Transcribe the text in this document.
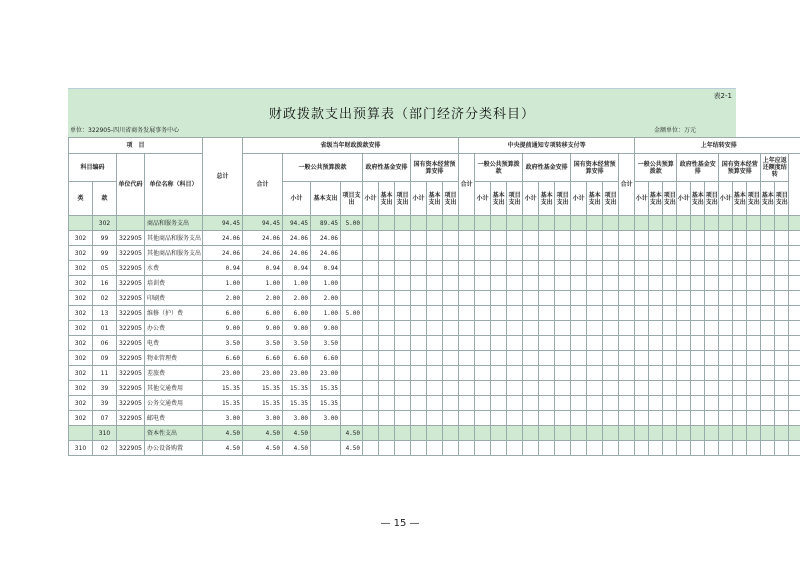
表2-1
财政拨款支出预算表（部门经济分类科目）
单位：322905-四川省商务发展事务中心	金额单位：万元
项　目				总计	省级当年财政拨款安排										中央提前通知专项转移支付等											上年结转安排											
科目编码		单位代码	单位名称（科目）		合计	一般公共预算拨款			政府性基金安排			国有资本经营预算安排			合计	一般公共预算拨款			政府性基金安排			国有资本经营预算安排			合计	一般公共预算拨款			政府性基金安排			国有资本经营预算安排			上年应返还额度结转		

类	款					小计	基本支出	项目支出	小计	基本支出	项目支出	小计	基本支出	项目支出		小计	基本支出	项目支出	小计	基本支出	项目支出	小计	基本支出	项目支出		小计	基本支出	项目支出	小计	基本支出	项目支出	小计	基本支出	项目支出	基本支出	项目支出	
	302		商品和服务支出	94.45	94.45	94.45	89.45	5.00																													
302	99	322905	其他商品和服务支出	24.06	24.06	24.06	24.06																														
302	99	322905	其他商品和服务支出	24.06	24.06	24.06	24.06																														
302	05	322905	水费	0.94	0.94	0.94	0.94																														
302	16	322905	培训费	1.00	1.00	1.00	1.00																														
302	02	322905	印刷费	2.00	2.00	2.00	2.00																														
302	13	322905	维修（护）费	6.00	6.00	6.00	1.00	5.00																													
302	01	322905	办公费	9.00	9.00	9.00	9.00																														
302	06	322905	电费	3.50	3.50	3.50	3.50																														
302	09	322905	物业管理费	6.60	6.60	6.60	6.60																														
302	11	322905	差旅费	23.00	23.00	23.00	23.00																														
302	39	322905	其他交通费用	15.35	15.35	15.35	15.35																														
302	39	322905	公务交通费用	15.35	15.35	15.35	15.35																														
302	07	322905	邮电费	3.00	3.00	3.00	3.00																														
	310		资本性支出	4.50	4.50	4.50		4.50																													
310	02	322905	办公设备购置	4.50	4.50	4.50		4.50																													
— 15 —
